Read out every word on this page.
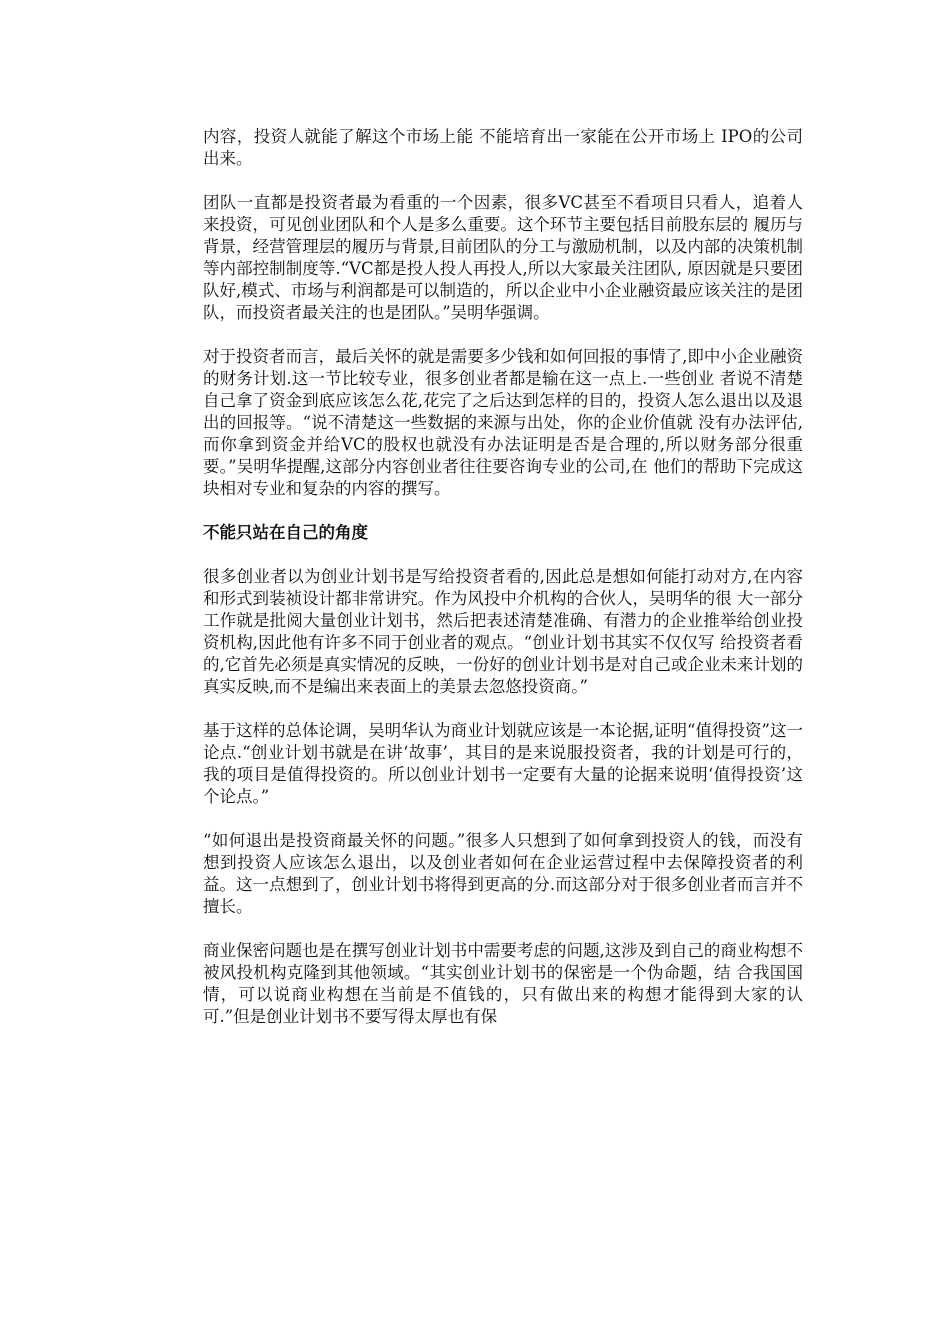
内容，投资人就能了解这个市场上能 不能培育出一家能在公开市场上 IPO的公司出来。

团队一直都是投资者最为看重的一个因素，很多VC甚至不看项目只看人，追着人来投资，可见创业团队和个人是多么重要。这个环节主要包括目前股东层的 履历与背景，经营管理层的履历与背景,目前团队的分工与激励机制，以及内部的决策机制等内部控制制度等.“VC都是投人投人再投人,所以大家最关注团队, 原因就是只要团队好,模式、市场与利润都是可以制造的，所以企业中小企业融资最应该关注的是团队，而投资者最关注的也是团队。”吴明华强调。

对于投资者而言，最后关怀的就是需要多少钱和如何回报的事情了,即中小企业融资的财务计划.这一节比较专业，很多创业者都是输在这一点上.一些创业 者说不清楚自己拿了资金到底应该怎么花,花完了之后达到怎样的目的，投资人怎么退出以及退出的回报等。“说不清楚这一些数据的来源与出处，你的企业价值就 没有办法评估,而你拿到资金并给VC的股权也就没有办法证明是否是合理的,所以财务部分很重要。”吴明华提醒,这部分内容创业者往往要咨询专业的公司,在 他们的帮助下完成这块相对专业和复杂的内容的撰写。

不能只站在自己的角度

很多创业者以为创业计划书是写给投资者看的,因此总是想如何能打动对方,在内容和形式到装祯设计都非常讲究。作为风投中介机构的合伙人，吴明华的很 大一部分工作就是批阅大量创业计划书，然后把表述清楚准确、有潜力的企业推举给创业投资机构,因此他有许多不同于创业者的观点。“创业计划书其实不仅仅写 给投资者看的,它首先必须是真实情况的反映，一份好的创业计划书是对自己或企业未来计划的真实反映,而不是编出来表面上的美景去忽悠投资商。”

基于这样的总体论调，吴明华认为商业计划就应该是一本论据,证明“值得投资”这一论点.“创业计划书就是在讲‘故事’，其目的是来说服投资者，我的计划是可行的，我的项目是值得投资的。所以创业计划书一定要有大量的论据来说明‘值得投资’这个论点。”

“如何退出是投资商最关怀的问题。”很多人只想到了如何拿到投资人的钱，而没有想到投资人应该怎么退出，以及创业者如何在企业运营过程中去保障投资者的利益。这一点想到了，创业计划书将得到更高的分.而这部分对于很多创业者而言并不擅长。

商业保密问题也是在撰写创业计划书中需要考虑的问题,这涉及到自己的商业构想不被风投机构克隆到其他领域。“其实创业计划书的保密是一个伪命题，结 合我国国情，可以说商业构想在当前是不值钱的，只有做出来的构想才能得到大家的认可.”但是创业计划书不要写得太厚也有保
